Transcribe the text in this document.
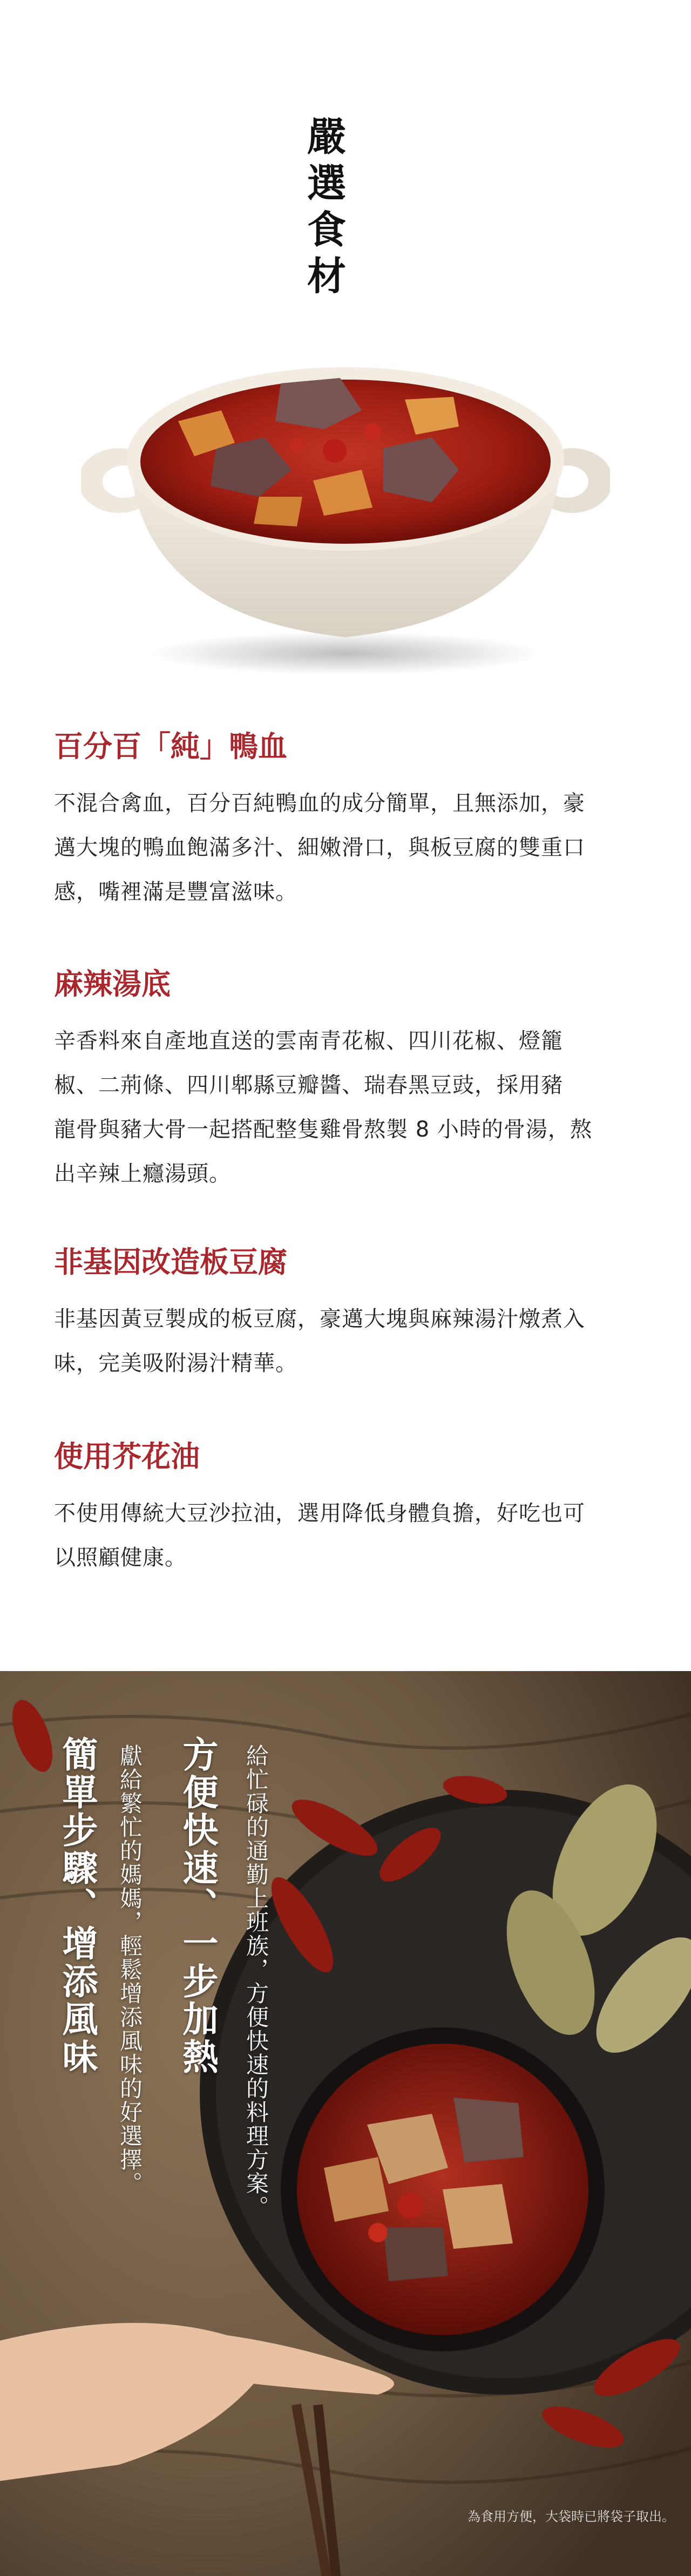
嚴選食材
百分百「純」鴨血

不混合禽血，百分百純鴨血的成分簡單，且無添加，豪
邁大塊的鴨血飽滿多汁、細嫩滑口，與板豆腐的雙重口
感，嘴裡滿是豐富滋味。

麻辣湯底

辛香料來自產地直送的雲南青花椒、四川花椒、燈籠
椒、二荊條、四川郫縣豆瓣醬、瑞春黑豆豉，採用豬
龍骨與豬大骨一起搭配整隻雞骨熬製 8 小時的骨湯，熬
出辛辣上癮湯頭。

非基因改造板豆腐

非基因黃豆製成的板豆腐，豪邁大塊與麻辣湯汁燉煮入
味，完美吸附湯汁精華。

使用芥花油

不使用傳統大豆沙拉油，選用降低身體負擔，好吃也可
以照顧健康。

簡單步驟、增添風味 獻給繁忙的媽媽，輕鬆增添風味的好選擇。 方便快速、一步加熱 給忙碌的通勤上班族，方便快速的料理方案。
為食用方便，大袋時已將袋子取出。
